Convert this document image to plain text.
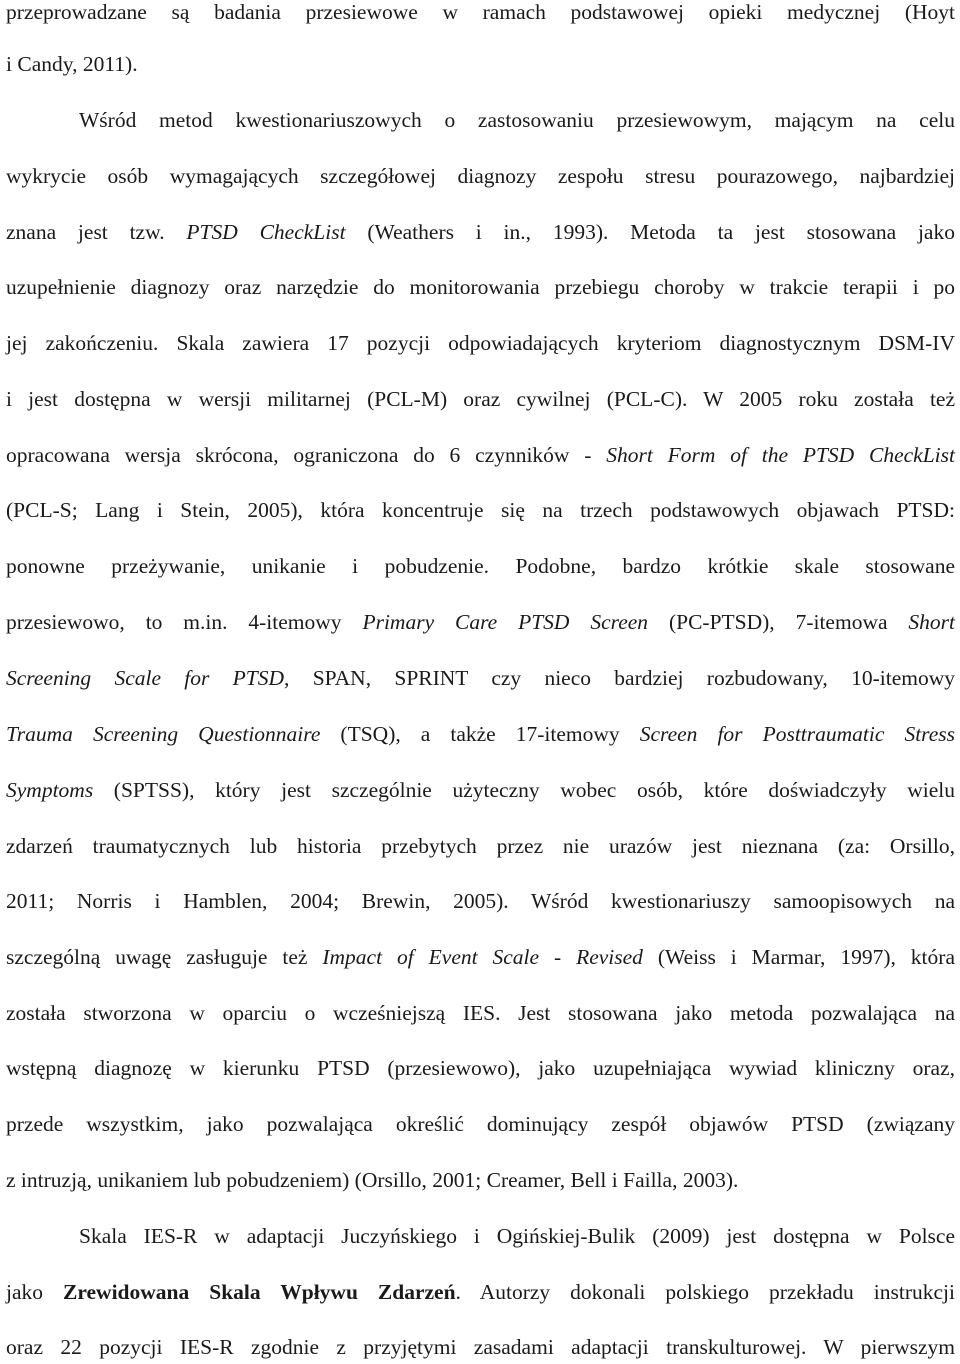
przeprowadzane są badania przesiewowe w ramach podstawowej opieki medycznej (Hoyt
i Candy, 2011).
Wśród metod kwestionariuszowych o zastosowaniu przesiewowym, mającym na celu
wykrycie osób wymagających szczegółowej diagnozy zespołu stresu pourazowego, najbardziej
znana jest tzw. PTSD CheckList (Weathers i in., 1993). Metoda ta jest stosowana jako
uzupełnienie diagnozy oraz narzędzie do monitorowania przebiegu choroby w trakcie terapii i po
jej zakończeniu. Skala zawiera 17 pozycji odpowiadających kryteriom diagnostycznym DSM-IV
i jest dostępna w wersji militarnej (PCL-M) oraz cywilnej (PCL-C). W 2005 roku została też
opracowana wersja skrócona, ograniczona do 6 czynników - Short Form of the PTSD CheckList
(PCL-S; Lang i Stein, 2005), która koncentruje się na trzech podstawowych objawach PTSD:
ponowne przeżywanie, unikanie i pobudzenie. Podobne, bardzo krótkie skale stosowane
przesiewowo, to m.in. 4-itemowy Primary Care PTSD Screen (PC-PTSD), 7-itemowa Short
Screening Scale for PTSD, SPAN, SPRINT czy nieco bardziej rozbudowany, 10-itemowy
Trauma Screening Questionnaire (TSQ), a także 17-itemowy Screen for Posttraumatic Stress
Symptoms (SPTSS), który jest szczególnie użyteczny wobec osób, które doświadczyły wielu
zdarzeń traumatycznych lub historia przebytych przez nie urazów jest nieznana (za: Orsillo,
2011; Norris i Hamblen, 2004; Brewin, 2005). Wśród kwestionariuszy samoopisowych na
szczególną uwagę zasługuje też Impact of Event Scale - Revised (Weiss i Marmar, 1997), która
została stworzona w oparciu o wcześniejszą IES. Jest stosowana jako metoda pozwalająca na
wstępną diagnozę w kierunku PTSD (przesiewowo), jako uzupełniająca wywiad kliniczny oraz,
przede wszystkim, jako pozwalająca określić dominujący zespół objawów PTSD (związany
z intruzją, unikaniem lub pobudzeniem) (Orsillo, 2001; Creamer, Bell i Failla, 2003).
Skala IES-R w adaptacji Juczyńskiego i Ogińskiej-Bulik (2009) jest dostępna w Polsce
jako Zrewidowana Skala Wpływu Zdarzeń. Autorzy dokonali polskiego przekładu instrukcji
oraz 22 pozycji IES-R zgodnie z przyjętymi zasadami adaptacji transkulturowej. W pierwszym
